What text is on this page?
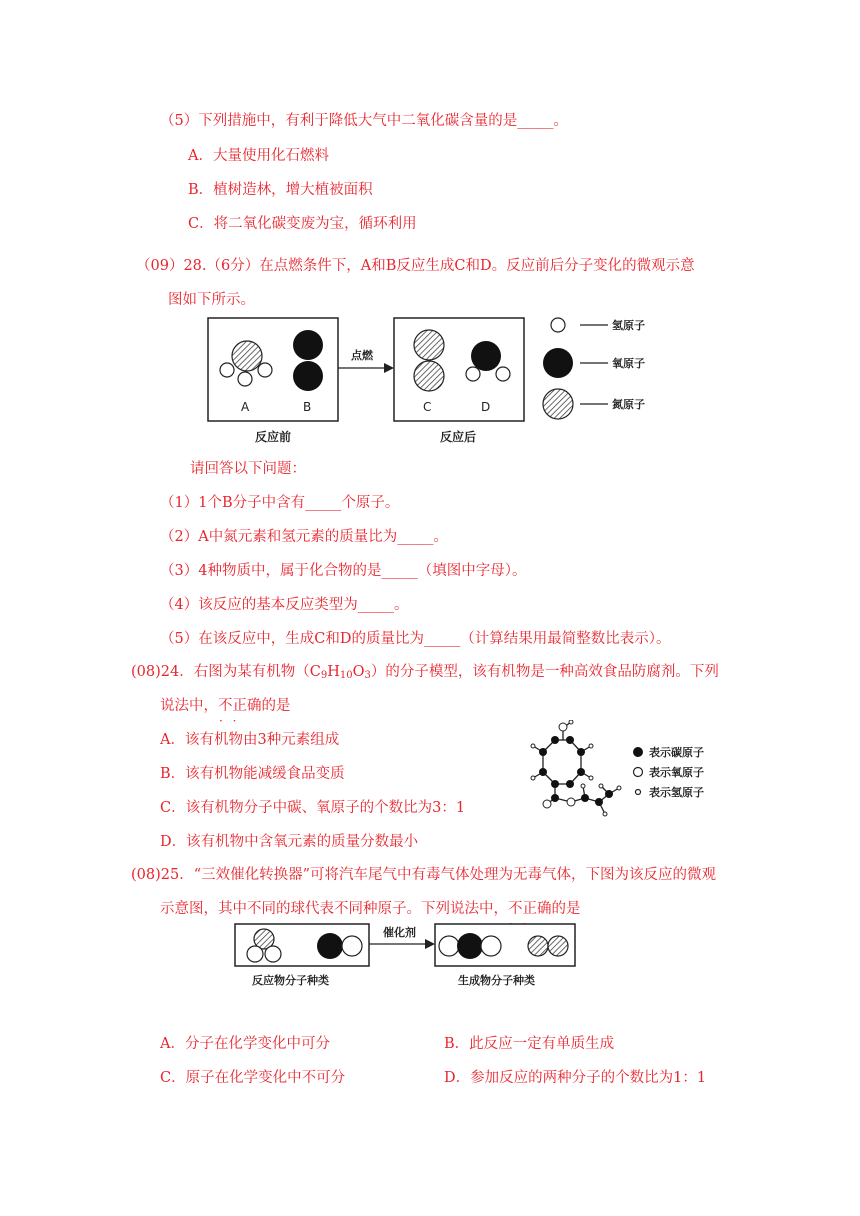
（5）下列措施中，有利于降低大气中二氧化碳含量的是_____。
A．大量使用化石燃料
B．植树造林，增大植被面积
C．将二氧化碳变废为宝，循环利用
（09）28.（6分）在点燃条件下，A和B反应生成C和D。反应前后分子变化的微观示意
图如下所示。
A	B
点燃
C	D
反应前	反应后
氢原子
氧原子
氮原子
请回答以下问题：
（1）1个B分子中含有_____个原子。
（2）A中氮元素和氢元素的质量比为_____。
（3）4种物质中，属于化合物的是_____（填图中字母）。
（4）该反应的基本反应类型为_____。
（5）在该反应中，生成C和D的质量比为_____（计算结果用最简整数比表示）。
(08)24．右图为某有机物（C9H10O3）的分子模型，该有机物是一种高效食品防腐剂。下列
说法中，不正确 · ·的是
A．该有机物由3种元素组成
B．该有机物能减缓食品变质
C．该有机物分子中碳、氧原子的个数比为3：1
D．该有机物中含氧元素的质量分数最小
表示碳原子
表示氧原子
表示氢原子
(08)25．“三效催化转换器”可将汽车尾气中有毒气体处理为无毒气体，下图为该反应的微观
示意图，其中不同的球代表不同种原子。下列说法中，不正确 · ·的是
催化剂
反应物分子种类	生成物分子种类
A．分子在化学变化中可分	B．此反应一定有单质生成
C．原子在化学变化中不可分	D．参加反应的两种分子的个数比为1：1
